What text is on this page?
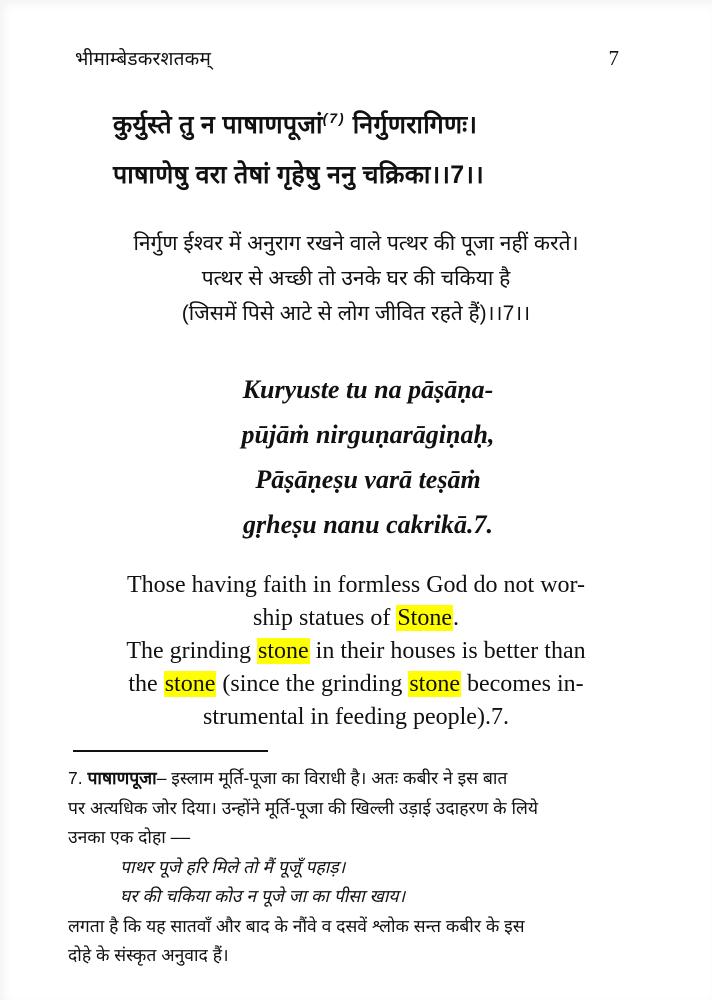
भीमाम्बेडकरशतकम्	7
कुर्युस्ते तु न पाषाणपूजां$^{(7)}$ निर्गुणरागिणः।
पाषाणेषु वरा तेषां गृहेषु ननु चक्रिका।।7।।
निर्गुण ईश्वर में अनुराग रखने वाले पत्थर की पूजा नहीं करते।
पत्थर से अच्छी तो उनके घर की चकिया है
(जिसमें पिसे आटे से लोग जीवित रहते हैं)।।7।।
Kuryuste tu na pāṣāṇa-
pūjāṁ nirguṇarāgiṇaḥ,
Pāṣāṇeṣu varā teṣāṁ
gṛheṣu nanu cakrikā.7.
Those having faith in formless God do not wor-
ship statues of Stone.
The grinding stone in their houses is better than
the stone (since the grinding stone becomes in-
strumental in feeding people).7.
7. पाषाणपूजा– इस्लाम मूर्ति-पूजा का विराधी है। अतः कबीर ने इस बात
पर अत्यधिक जोर दिया। उन्होंने मूर्ति-पूजा की खिल्ली उड़ाई उदाहरण के लिये
उनका एक दोहा ––
पाथर पूजे हरि मिले तो मैं पूजूँ पहाड़।
घर की चकिया कोउ न पूजे जा का पीसा खाय।
लगता है कि यह सातवाँ और बाद के नौंवे व दसवें श्लोक सन्त कबीर के इस
दोहे के संस्कृत अनुवाद हैं।
